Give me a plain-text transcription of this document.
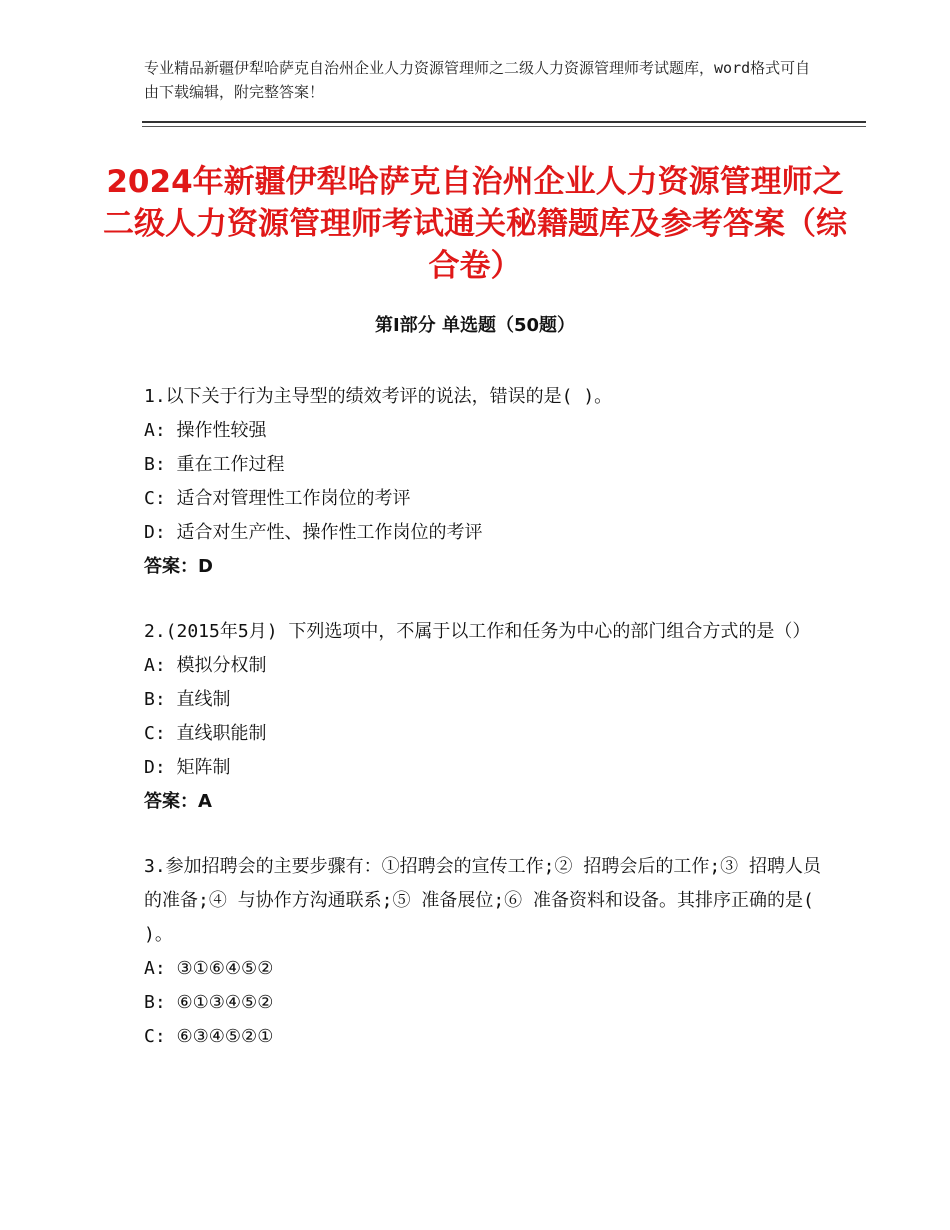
专业精品新疆伊犁哈萨克自治州企业人力资源管理师之二级人力资源管理师考试题库，word格式可自由下载编辑，附完整答案！
2024年新疆伊犁哈萨克自治州企业人力资源管理师之二级人力资源管理师考试通关秘籍题库及参考答案（综合卷）
第Ⅰ部分 单选题（50题）
1.以下关于行为主导型的绩效考评的说法，错误的是( )。
A: 操作性较强
B: 重在工作过程
C: 适合对管理性工作岗位的考评
D: 适合对生产性、操作性工作岗位的考评
答案：D
2.(2015年5月) 下列选项中，不属于以工作和任务为中心的部门组合方式的是（）
A: 模拟分权制
B: 直线制
C: 直线职能制
D: 矩阵制
答案：A
3.参加招聘会的主要步骤有：①招聘会的宣传工作;② 招聘会后的工作;③ 招聘人员的准备;④ 与协作方沟通联系;⑤ 准备展位;⑥ 准备资料和设备。其排序正确的是( )。
A: ③①⑥④⑤②
B: ⑥①③④⑤②
C: ⑥③④⑤②①
